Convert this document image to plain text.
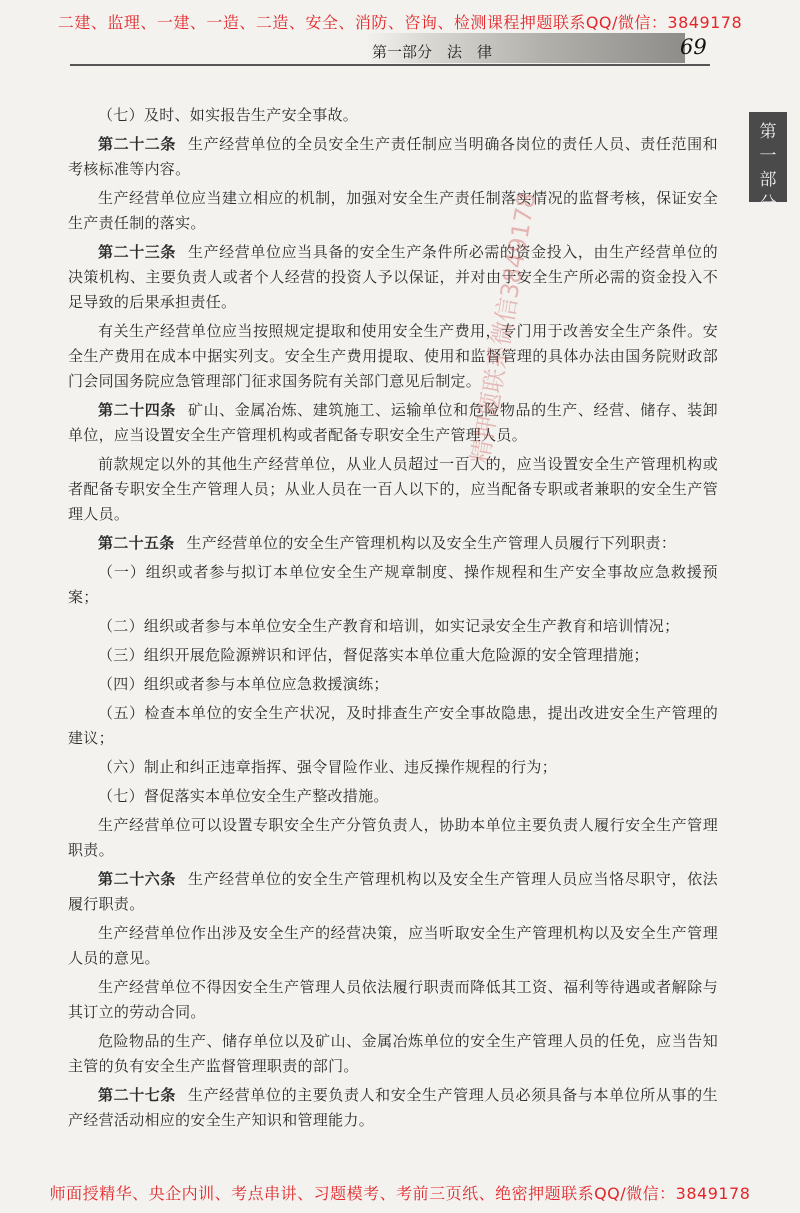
二建、监理、一建、一造、二造、安全、消防、咨询、检测课程押题联系QQ/微信：3849178
第一部分　法　律	69
第
一
部
分

（七）及时、如实报告生产安全事故。

第二十二条 生产经营单位的全员安全生产责任制应当明确各岗位的责任人员、责任范围和考核标准等内容。

生产经营单位应当建立相应的机制，加强对安全生产责任制落实情况的监督考核，保证安全生产责任制的落实。

第二十三条 生产经营单位应当具备的安全生产条件所必需的资金投入，由生产经营单位的决策机构、主要负责人或者个人经营的投资人予以保证，并对由于安全生产所必需的资金投入不足导致的后果承担责任。

有关生产经营单位应当按照规定提取和使用安全生产费用，专门用于改善安全生产条件。安全生产费用在成本中据实列支。安全生产费用提取、使用和监督管理的具体办法由国务院财政部门会同国务院应急管理部门征求国务院有关部门意见后制定。

第二十四条 矿山、金属冶炼、建筑施工、运输单位和危险物品的生产、经营、储存、装卸单位，应当设置安全生产管理机构或者配备专职安全生产管理人员。

前款规定以外的其他生产经营单位，从业人员超过一百人的，应当设置安全生产管理机构或者配备专职安全生产管理人员；从业人员在一百人以下的，应当配备专职或者兼职的安全生产管理人员。

第二十五条 生产经营单位的安全生产管理机构以及安全生产管理人员履行下列职责：

（一）组织或者参与拟订本单位安全生产规章制度、操作规程和生产安全事故应急救援预案；

（二）组织或者参与本单位安全生产教育和培训，如实记录安全生产教育和培训情况；

（三）组织开展危险源辨识和评估，督促落实本单位重大危险源的安全管理措施；

（四）组织或者参与本单位应急救援演练；

（五）检查本单位的安全生产状况，及时排查生产安全事故隐患，提出改进安全生产管理的建议；

（六）制止和纠正违章指挥、强令冒险作业、违反操作规程的行为；

（七）督促落实本单位安全生产整改措施。

生产经营单位可以设置专职安全生产分管负责人，协助本单位主要负责人履行安全生产管理职责。

第二十六条 生产经营单位的安全生产管理机构以及安全生产管理人员应当恪尽职守，依法履行职责。

生产经营单位作出涉及安全生产的经营决策，应当听取安全生产管理机构以及安全生产管理人员的意见。

生产经营单位不得因安全生产管理人员依法履行职责而降低其工资、福利等待遇或者解除与其订立的劳动合同。

危险物品的生产、储存单位以及矿山、金属冶炼单位的安全生产管理人员的任免，应当告知主管的负有安全生产监督管理职责的部门。

第二十七条 生产经营单位的主要负责人和安全生产管理人员必须具备与本单位所从事的生产经营活动相应的安全生产知识和管理能力。

精押题联系微信3849178
师面授精华、央企内训、考点串讲、习题模考、考前三页纸、绝密押题联系QQ/微信：3849178
